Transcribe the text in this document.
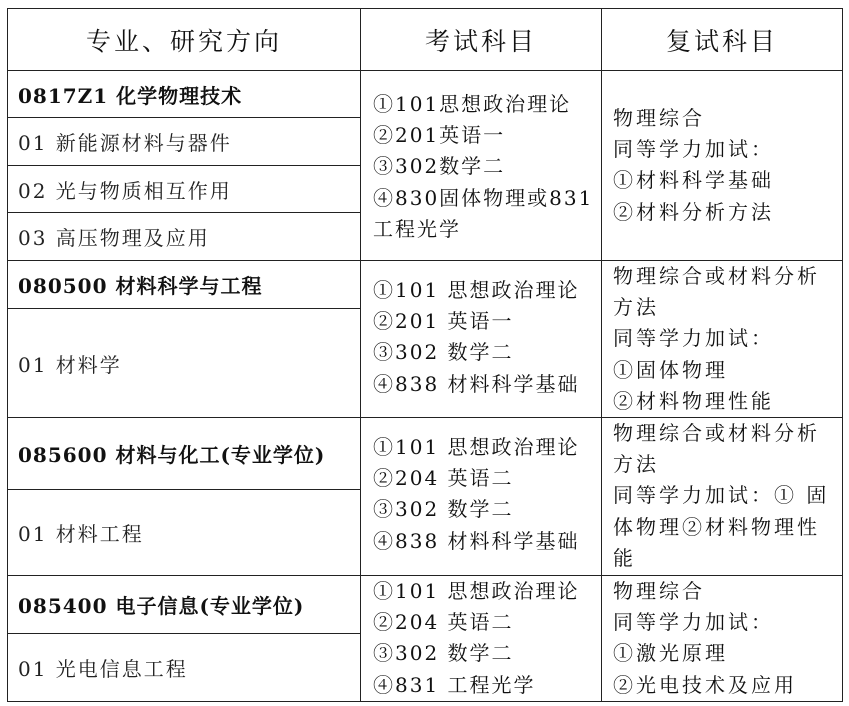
专业、研究方向	考试科目	复试科目
0817Z1 化学物理技术
01 新能源材料与器件
02 光与物质相互作用
03 高压物理及应用
①101思想政治理论
②201英语一
③302数学二
④830固体物理或831
工程光学
物理综合
同等学力加试：
①材料科学基础
②材料分析方法
080500 材料科学与工程
01 材料学
①101 思想政治理论
②201 英语一
③302 数学二
④838 材料科学基础
物理综合或材料分析
方法
同等学力加试：
①固体物理
②材料物理性能
085600 材料与化工(专业学位)
01 材料工程
①101 思想政治理论
②204 英语二
③302 数学二
④838 材料科学基础
物理综合或材料分析
方法
同等学力加试：① 固
体物理②材料物理性
能
085400 电子信息(专业学位)
01 光电信息工程
①101 思想政治理论
②204 英语二
③302 数学二
④831 工程光学
物理综合
同等学力加试：
①激光原理
②光电技术及应用
